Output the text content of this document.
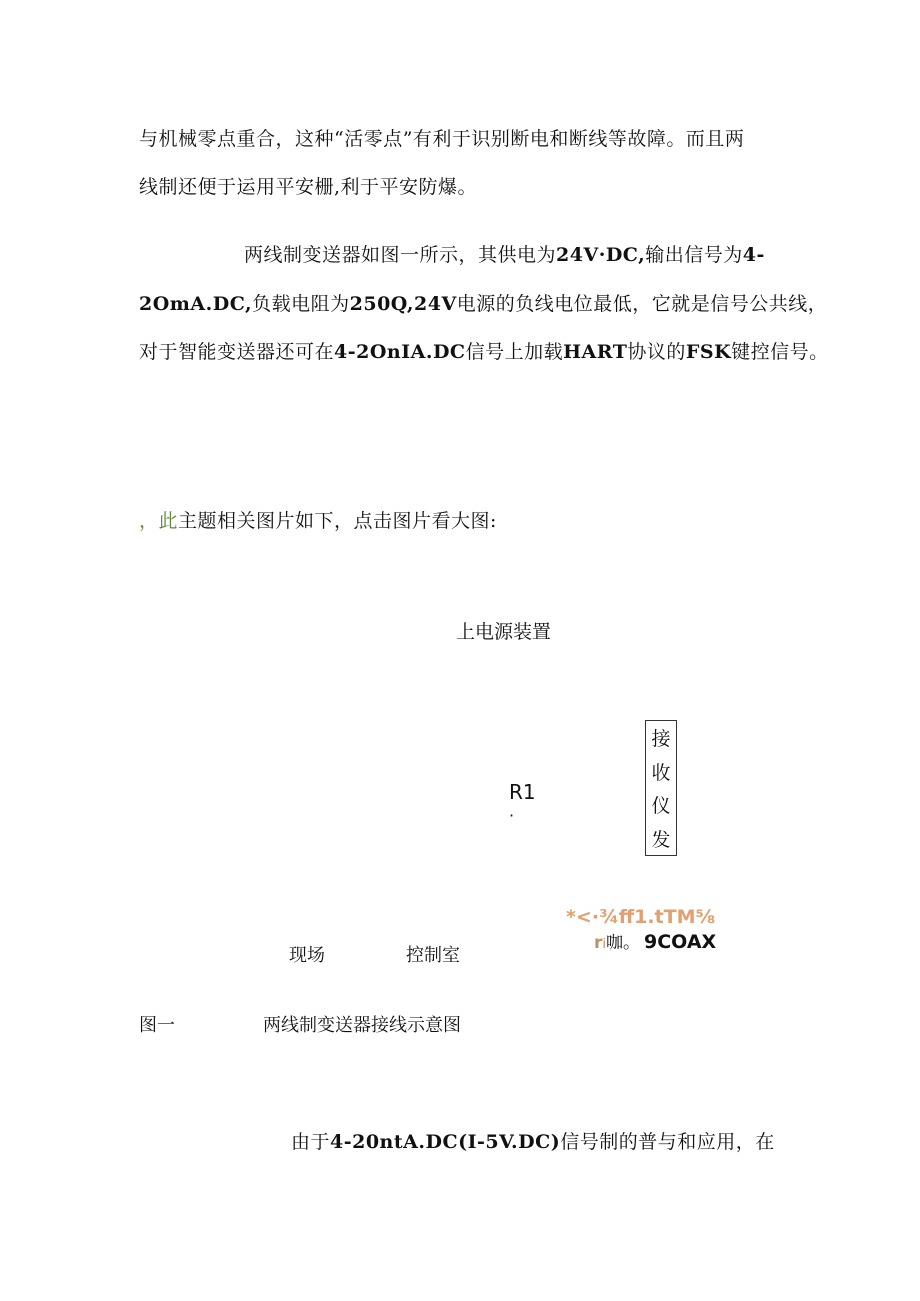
与机械零点重合，这种“活零点”有利于识别断电和断线等故障。而且两
线制还便于运用平安栅,利于平安防爆。
两线制变送器如图一所示，其供电为24V·DC,输出信号为4-
2OmA.DC,负载电阻为250Q,24V电源的负线电位最低，它就是信号公共线，
对于智能变送器还可在4-2OnIA.DC信号上加载HART协议的FSK键控信号。
，此主题相关图片如下，点击图片看大图:
上电源装置
接
收
仪
发
R1
·
*<·¾ff1.tTM⅝
ri咖。 9COAX
现场	控制室
图一	两线制变送器接线示意图
由于4-20ntA.DC(I-5V.DC)信号制的普与和应用，在
